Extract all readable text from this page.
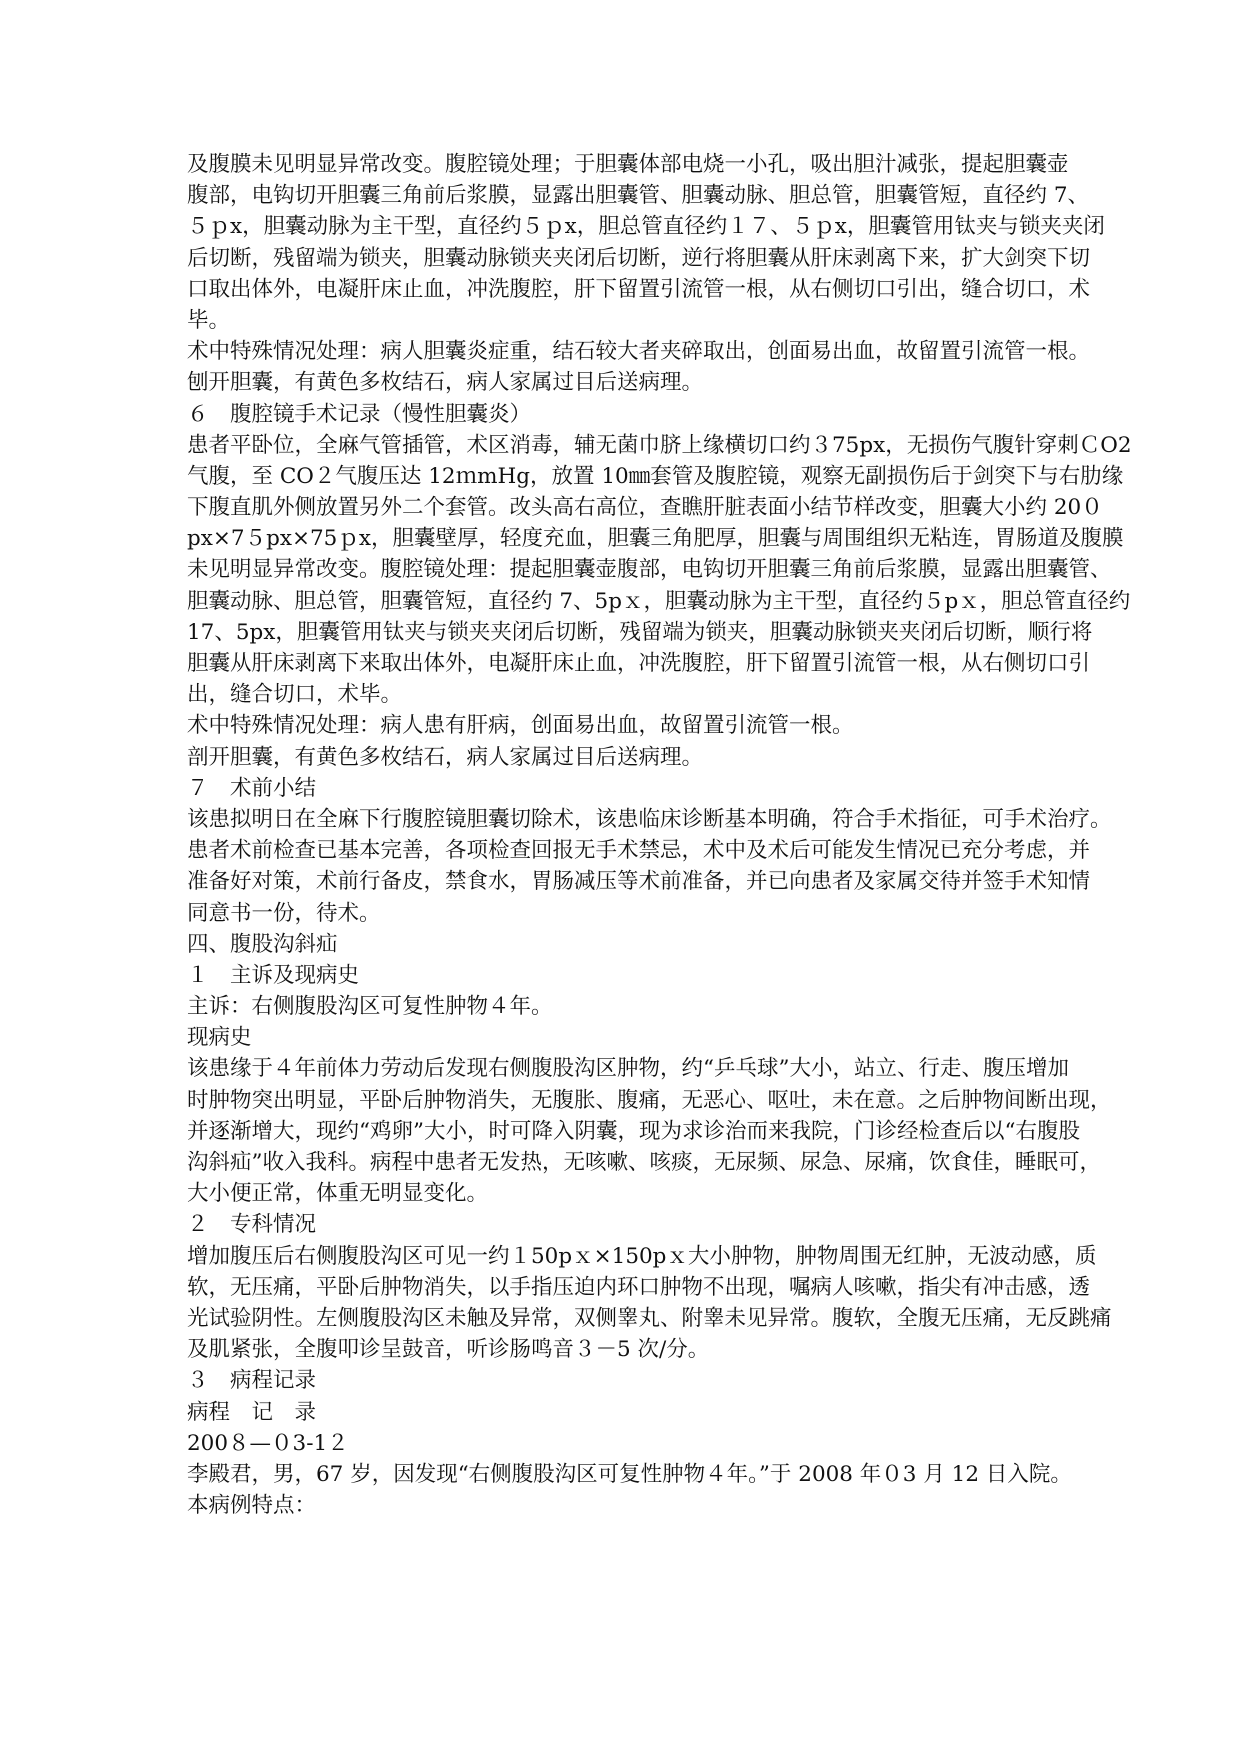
及腹膜未见明显异常改变。腹腔镜处理；于胆囊体部电烧一小孔，吸出胆汁减张，提起胆囊壶

腹部，电钩切开胆囊三角前后浆膜，显露出胆囊管、胆囊动脉、胆总管，胆囊管短，直径约 7、

５ｐx，胆囊动脉为主干型，直径约５ｐx，胆总管直径约１７、５ｐx，胆囊管用钛夹与锁夹夹闭

后切断，残留端为锁夹，胆囊动脉锁夹夹闭后切断，逆行将胆囊从肝床剥离下来，扩大剑突下切

口取出体外，电凝肝床止血，冲洗腹腔，肝下留置引流管一根，从右侧切口引出，缝合切口，术

毕。

术中特殊情况处理：病人胆囊炎症重，结石较大者夹碎取出，创面易出血，故留置引流管一根。

刨开胆囊，有黄色多枚结石，病人家属过目后送病理。

６　腹腔镜手术记录（慢性胆囊炎）

患者平卧位，全麻气管插管，术区消毒，辅无菌巾脐上缘横切口约３75px，无损伤气腹针穿刺ＣO2

气腹，至 CO２气腹压达 12ｍmHg，放置 10㎜套管及腹腔镜，观察无副损伤后于剑突下与右肋缘

下腹直肌外侧放置另外二个套管。改头高右高位，查瞧肝脏表面小结节样改变，胆囊大小约 20０

px×7５px×75ｐx，胆囊壁厚，轻度充血，胆囊三角肥厚，胆囊与周围组织无粘连，胃肠道及腹膜

未见明显异常改变。腹腔镜处理：提起胆囊壶腹部，电钩切开胆囊三角前后浆膜，显露出胆囊管、

胆囊动脉、胆总管，胆囊管短，直径约 7、5pｘ，胆囊动脉为主干型，直径约５pｘ，胆总管直径约

17、5px，胆囊管用钛夹与锁夹夹闭后切断，残留端为锁夹，胆囊动脉锁夹夹闭后切断，顺行将

胆囊从肝床剥离下来取出体外，电凝肝床止血，冲洗腹腔，肝下留置引流管一根，从右侧切口引

出，缝合切口，术毕。

术中特殊情况处理：病人患有肝病，创面易出血，故留置引流管一根。

剖开胆囊，有黄色多枚结石，病人家属过目后送病理。

７　术前小结

该患拟明日在全麻下行腹腔镜胆囊切除术，该患临床诊断基本明确，符合手术指征，可手术治疗。

患者术前检查已基本完善，各项检查回报无手术禁忌，术中及术后可能发生情况已充分考虑，并

准备好对策，术前行备皮，禁食水，胃肠减压等术前准备，并已向患者及家属交待并签手术知情

同意书一份，待术。

四、腹股沟斜疝

１　主诉及现病史

主诉：右侧腹股沟区可复性肿物４年。

现病史

该患缘于４年前体力劳动后发现右侧腹股沟区肿物，约“乒乓球”大小，站立、行走、腹压增加

时肿物突出明显，平卧后肿物消失，无腹胀、腹痛，无恶心、呕吐，未在意。之后肿物间断出现，

并逐渐增大，现约“鸡卵”大小，时可降入阴囊，现为求诊治而来我院，门诊经检查后以“右腹股

沟斜疝”收入我科。病程中患者无发热，无咳嗽、咳痰，无尿频、尿急、尿痛，饮食佳，睡眠可，

大小便正常，体重无明显变化。

２　专科情况

增加腹压后右侧腹股沟区可见一约１50pｘ×150pｘ大小肿物，肿物周围无红肿，无波动感，质

软，无压痛，平卧后肿物消失，以手指压迫内环口肿物不出现，嘱病人咳嗽，指尖有冲击感，透

光试验阴性。左侧腹股沟区未触及异常，双侧睾丸、附睾未见异常。腹软，全腹无压痛，无反跳痛

及肌紧张，全腹叩诊呈鼓音，听诊肠鸣音３－5 次/分。

３　病程记录

病程　记　录

200８—０3-1２

李殿君，男，67 岁，因发现“右侧腹股沟区可复性肿物４年。”于 2008 年０3 月 12 日入院。

本病例特点：
